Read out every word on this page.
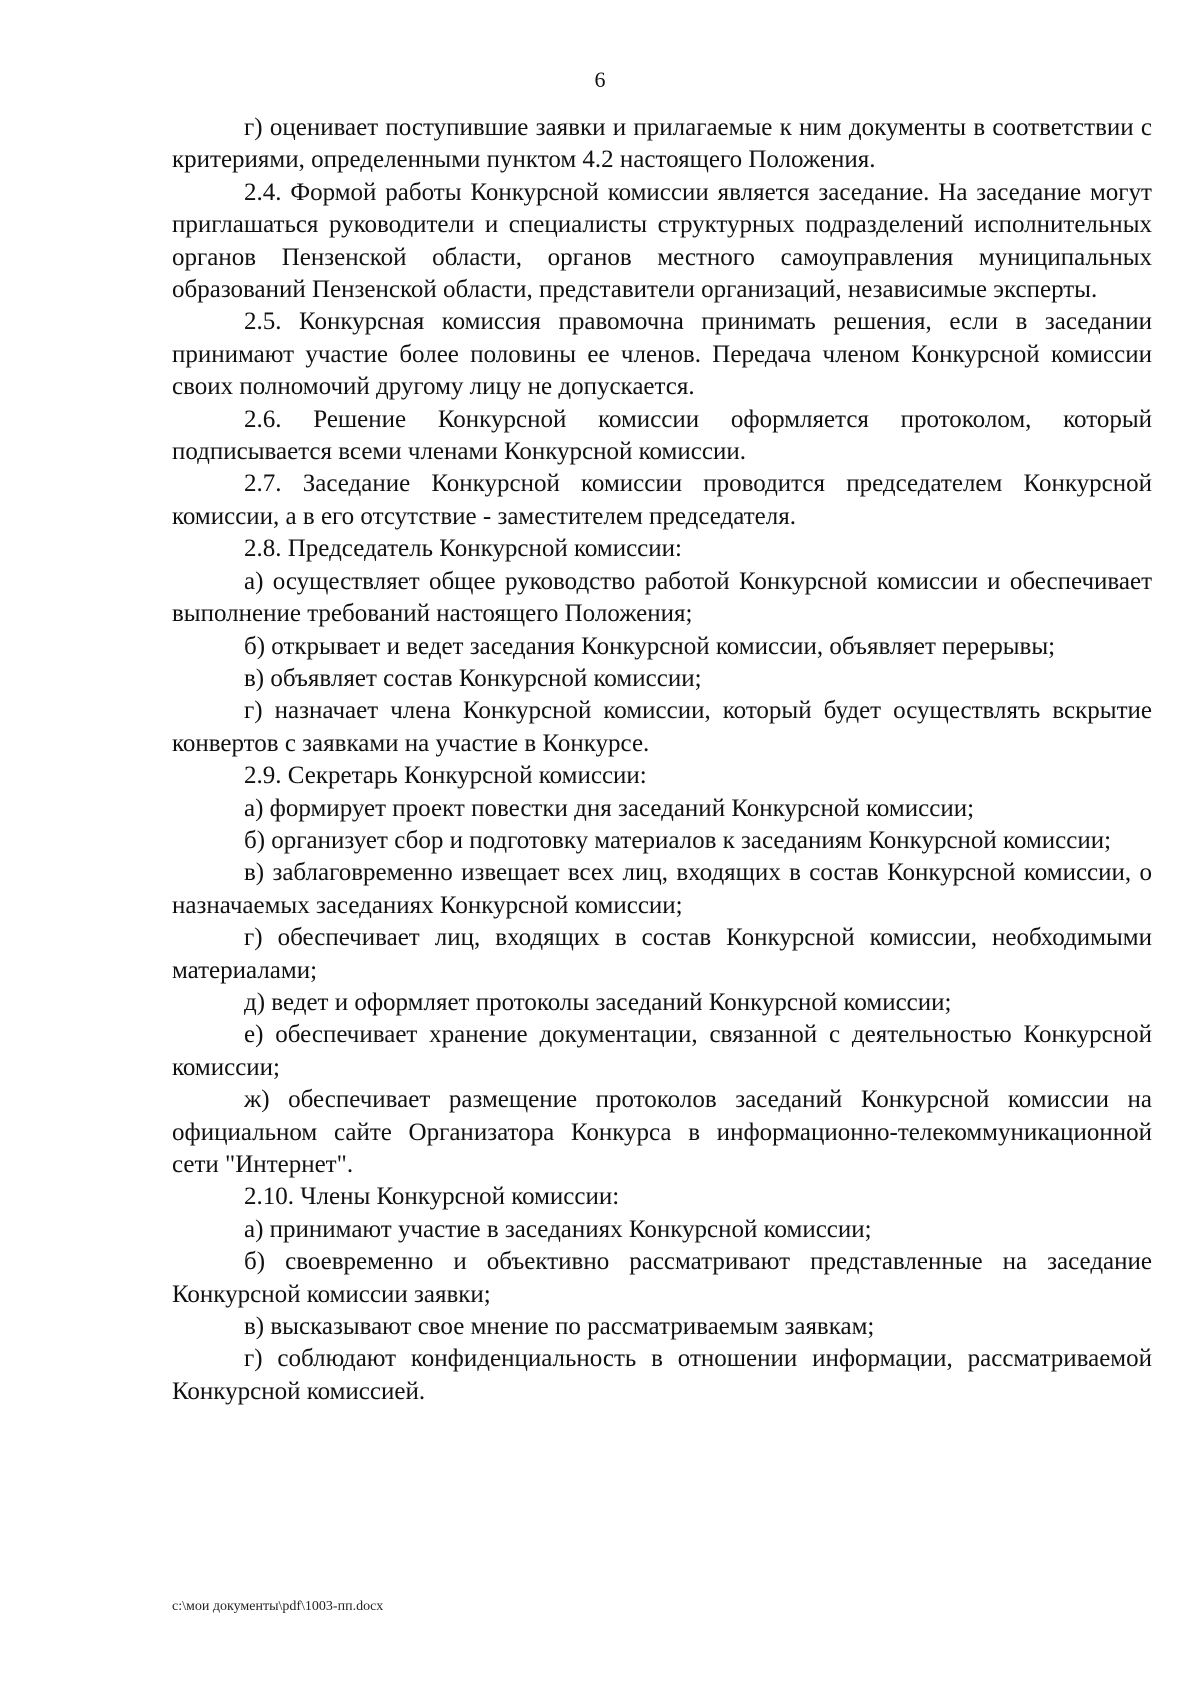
6

г) оценивает поступившие заявки и прилагаемые к ним документы в соответствии с критериями, определенными пунктом 4.2 настоящего Положения.

2.4. Формой работы Конкурсной комиссии является заседание. На заседание могут приглашаться руководители и специалисты структурных подразделений исполнительных органов Пензенской области, органов местного самоуправления муниципальных образований Пензенской области, представители организаций, независимые эксперты.

2.5. Конкурсная комиссия правомочна принимать решения, если в заседании принимают участие более половины ее членов. Передача членом Конкурсной комиссии своих полномочий другому лицу не допускается.

2.6. Решение Конкурсной комиссии оформляется протоколом, который подписывается всеми членами Конкурсной комиссии.

2.7. Заседание Конкурсной комиссии проводится председателем Конкурсной комиссии, а в его отсутствие - заместителем председателя.

2.8. Председатель Конкурсной комиссии:

а) осуществляет общее руководство работой Конкурсной комиссии и обеспечивает выполнение требований настоящего Положения;

б) открывает и ведет заседания Конкурсной комиссии, объявляет перерывы;

в) объявляет состав Конкурсной комиссии;

г) назначает члена Конкурсной комиссии, который будет осуществлять вскрытие конвертов с заявками на участие в Конкурсе.

2.9. Секретарь Конкурсной комиссии:

а) формирует проект повестки дня заседаний Конкурсной комиссии;

б) организует сбор и подготовку материалов к заседаниям Конкурсной комиссии;

в) заблаговременно извещает всех лиц, входящих в состав Конкурсной комиссии, о назначаемых заседаниях Конкурсной комиссии;

г) обеспечивает лиц, входящих в состав Конкурсной комиссии, необходимыми материалами;

д) ведет и оформляет протоколы заседаний Конкурсной комиссии;

е) обеспечивает хранение документации, связанной с деятельностью Конкурсной комиссии;

ж) обеспечивает размещение протоколов заседаний Конкурсной комиссии на официальном сайте Организатора Конкурса в информационно-телекоммуникационной сети "Интернет".

2.10. Члены Конкурсной комиссии:

а) принимают участие в заседаниях Конкурсной комиссии;

б) своевременно и объективно рассматривают представленные на заседание Конкурсной комиссии заявки;

в) высказывают свое мнение по рассматриваемым заявкам;

г) соблюдают конфиденциальность в отношении информации, рассматриваемой Конкурсной комиссией.

c:\мои документы\pdf\1003-пп.docx
